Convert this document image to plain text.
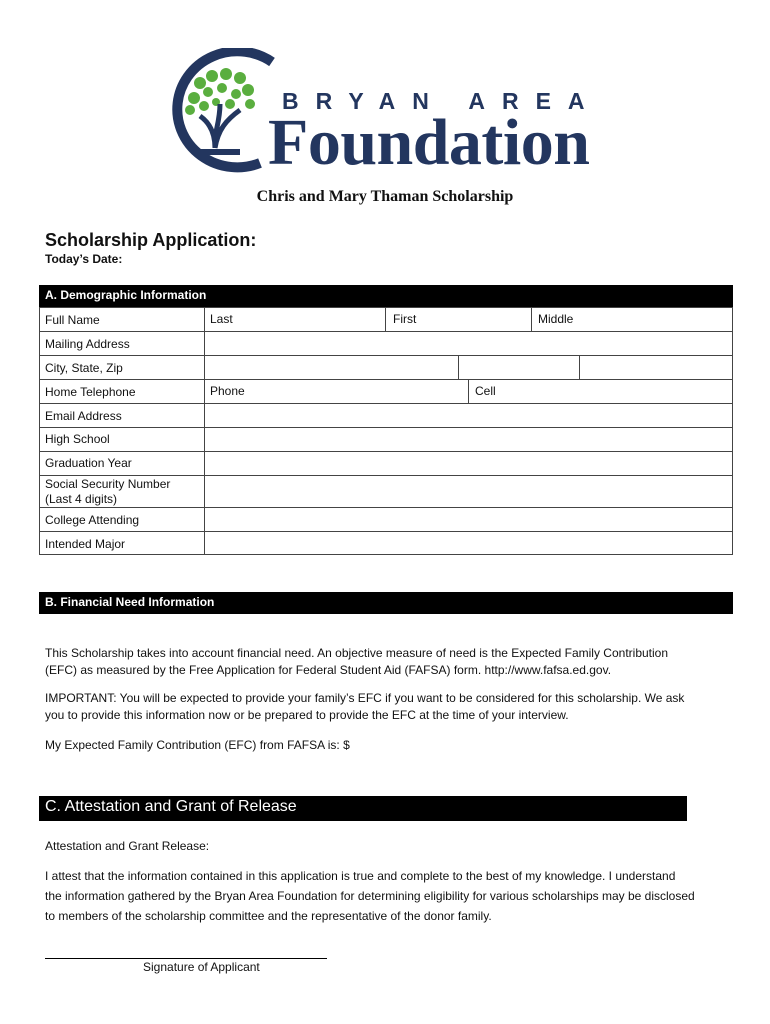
BRYAN AREA
Foundation
Chris and Mary Thaman Scholarship
Scholarship Application:
Today’s Date:
A. Demographic Information
Full Name	Last	First	Middle
Mailing Address
City, State, Zip
Home Telephone	Phone	Cell
Email Address
High School
Graduation Year
Social Security Number
(Last 4 digits)
College Attending
Intended Major
B. Financial Need Information
This Scholarship takes into account financial need. An objective measure of need is the Expected Family Contribution
(EFC) as measured by the Free Application for Federal Student Aid (FAFSA) form. http://www.fafsa.ed.gov.
IMPORTANT: You will be expected to provide your family’s EFC if you want to be considered for this scholarship. We ask
you to provide this information now or be prepared to provide the EFC at the time of your interview.
My Expected Family Contribution (EFC) from FAFSA is: $
C. Attestation and Grant of Release
Attestation and Grant Release:
I attest that the information contained in this application is true and complete to the best of my knowledge. I understand
the information gathered by the Bryan Area Foundation for determining eligibility for various scholarships may be disclosed
to members of the scholarship committee and the representative of the donor family.
Signature of Applicant
